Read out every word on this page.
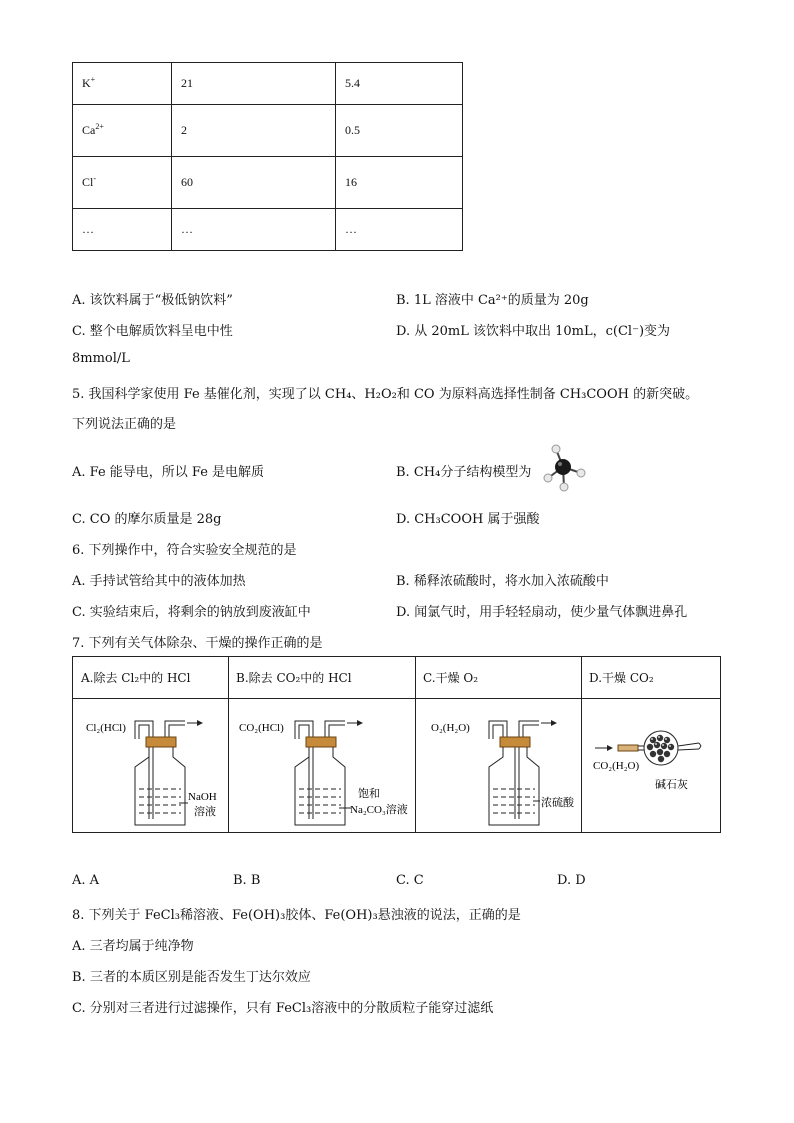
K+	21	5.4
$Ca^{2+}$	2	0.5
Cl-	60	16
…	…	…
A. 该饮料属于“极低钠饮料”	B. 1L 溶液中 Ca²⁺的质量为 20g
C. 整个电解质饮料呈电中性	D. 从 20mL 该饮料中取出 10mL，c(Cl⁻)变为
8mmol/L
5. 我国科学家使用 Fe 基催化剂，实现了以 CH₄、H₂O₂和 CO 为原料高选择性制备 CH₃COOH 的新突破。
下列说法正确的是
A. Fe 能导电，所以 Fe 是电解质	B. CH₄分子结构模型为
C. CO 的摩尔质量是 28g	D. CH₃COOH 属于强酸
6. 下列操作中，符合实验安全规范的是
A. 手持试管给其中的液体加热	B. 稀释浓硫酸时，将水加入浓硫酸中
C. 实验结束后，将剩余的钠放到废液缸中	D. 闻氯气时，用手轻轻扇动，使少量气体飘进鼻孔
7. 下列有关气体除杂、干燥的操作正确的是
A.除去 Cl₂中的 HCl	B.除去 CO₂中的 HCl	C.干燥 O₂	D.干燥 CO₂
Cl₂(HCl)
NaOH
溶液
CO₂(HCl)
饱和
Na₂CO₃溶液
O₂(H₂O)
浓硫酸
CO₂(H₂O)
碱石灰
A. A	B. B	C. C	D. D
8. 下列关于 FeCl₃稀溶液、Fe(OH)₃胶体、Fe(OH)₃悬浊液的说法，正确的是
A. 三者均属于纯净物
B. 三者的本质区别是能否发生丁达尔效应
C. 分别对三者进行过滤操作，只有 FeCl₃溶液中的分散质粒子能穿过滤纸
